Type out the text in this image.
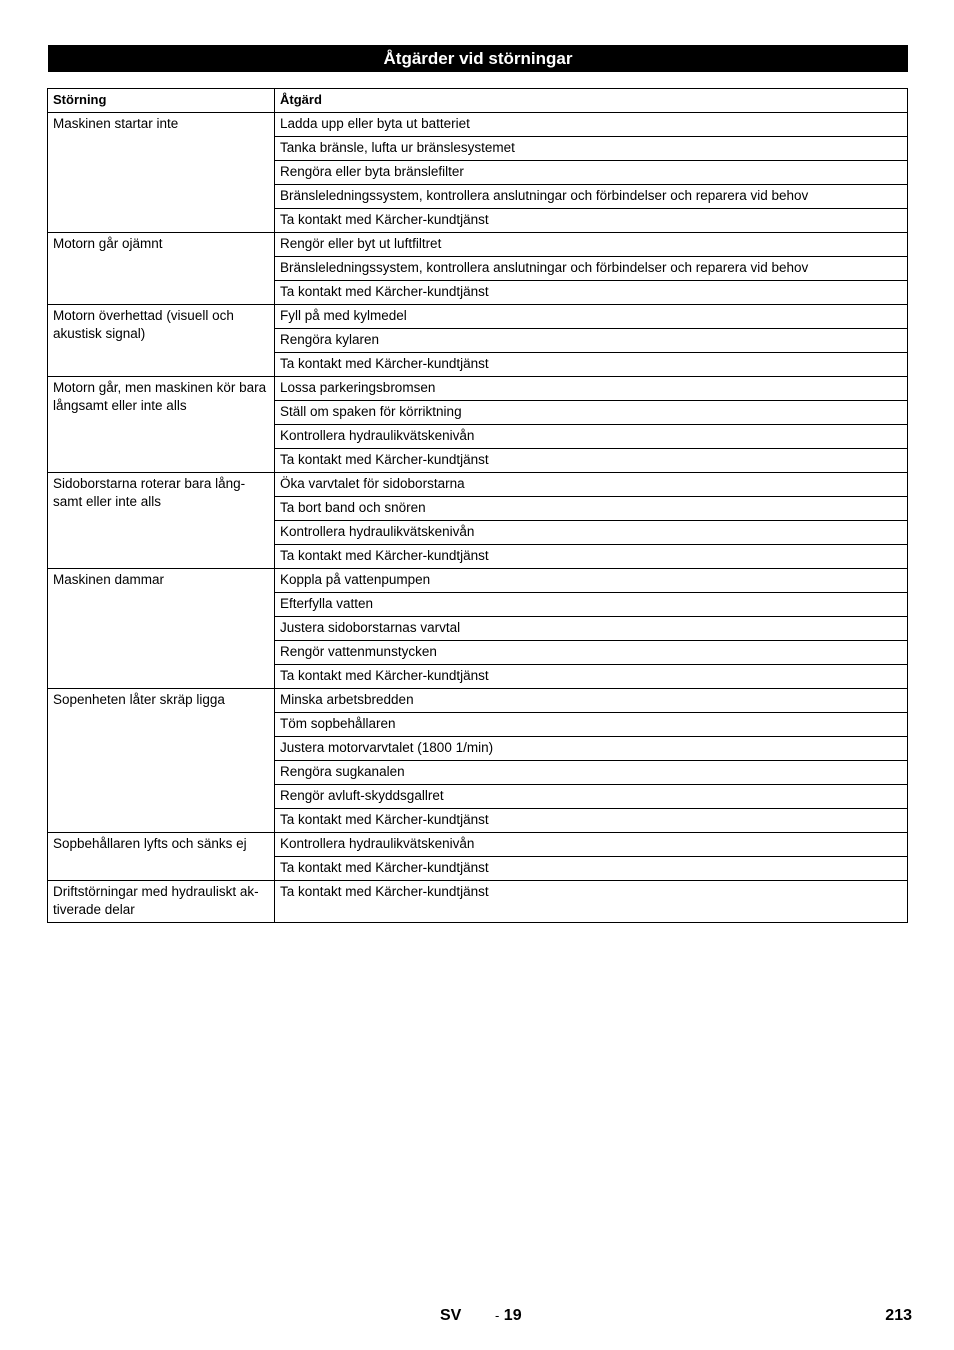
Åtgärder vid störningar
Störning	Åtgärd
Maskinen startar inte	Ladda upp eller byta ut batteriet
	Tanka bränsle, lufta ur bränslesystemet
	Rengöra eller byta bränslefilter
	Bränsleledningssystem, kontrollera anslutningar och förbindelser och reparera vid behov
	Ta kontakt med Kärcher-kundtjänst
Motorn går ojämnt	Rengör eller byt ut luftfiltret
	Bränsleledningssystem, kontrollera anslutningar och förbindelser och reparera vid behov
	Ta kontakt med Kärcher-kundtjänst
Motorn överhettad (visuell och akustisk signal)	Fyll på med kylmedel
	Rengöra kylaren
	Ta kontakt med Kärcher-kundtjänst
Motorn går, men maskinen kör bara långsamt eller inte alls	Lossa parkeringsbromsen
	Ställ om spaken för körriktning
	Kontrollera hydraulikvätskenivån
	Ta kontakt med Kärcher-kundtjänst
Sidoborstarna roterar bara lång-samt eller inte alls	Öka varvtalet för sidoborstarna
	Ta bort band och snören
	Kontrollera hydraulikvätskenivån
	Ta kontakt med Kärcher-kundtjänst
Maskinen dammar	Koppla på vattenpumpen
	Efterfylla vatten
	Justera sidoborstarnas varvtal
	Rengör vattenmunstycken
	Ta kontakt med Kärcher-kundtjänst
Sopenheten låter skräp ligga	Minska arbetsbredden
	Töm sopbehållaren
	Justera motorvarvtalet (1800 1/min)
	Rengöra sugkanalen
	Rengör avluft-skyddsgallret
	Ta kontakt med Kärcher-kundtjänst
Sopbehållaren lyfts och sänks ej	Kontrollera hydraulikvätskenivån
	Ta kontakt med Kärcher-kundtjänst
Driftstörningar med hydrauliskt ak-tiverade delar	Ta kontakt med Kärcher-kundtjänst
SV	- 19	213
